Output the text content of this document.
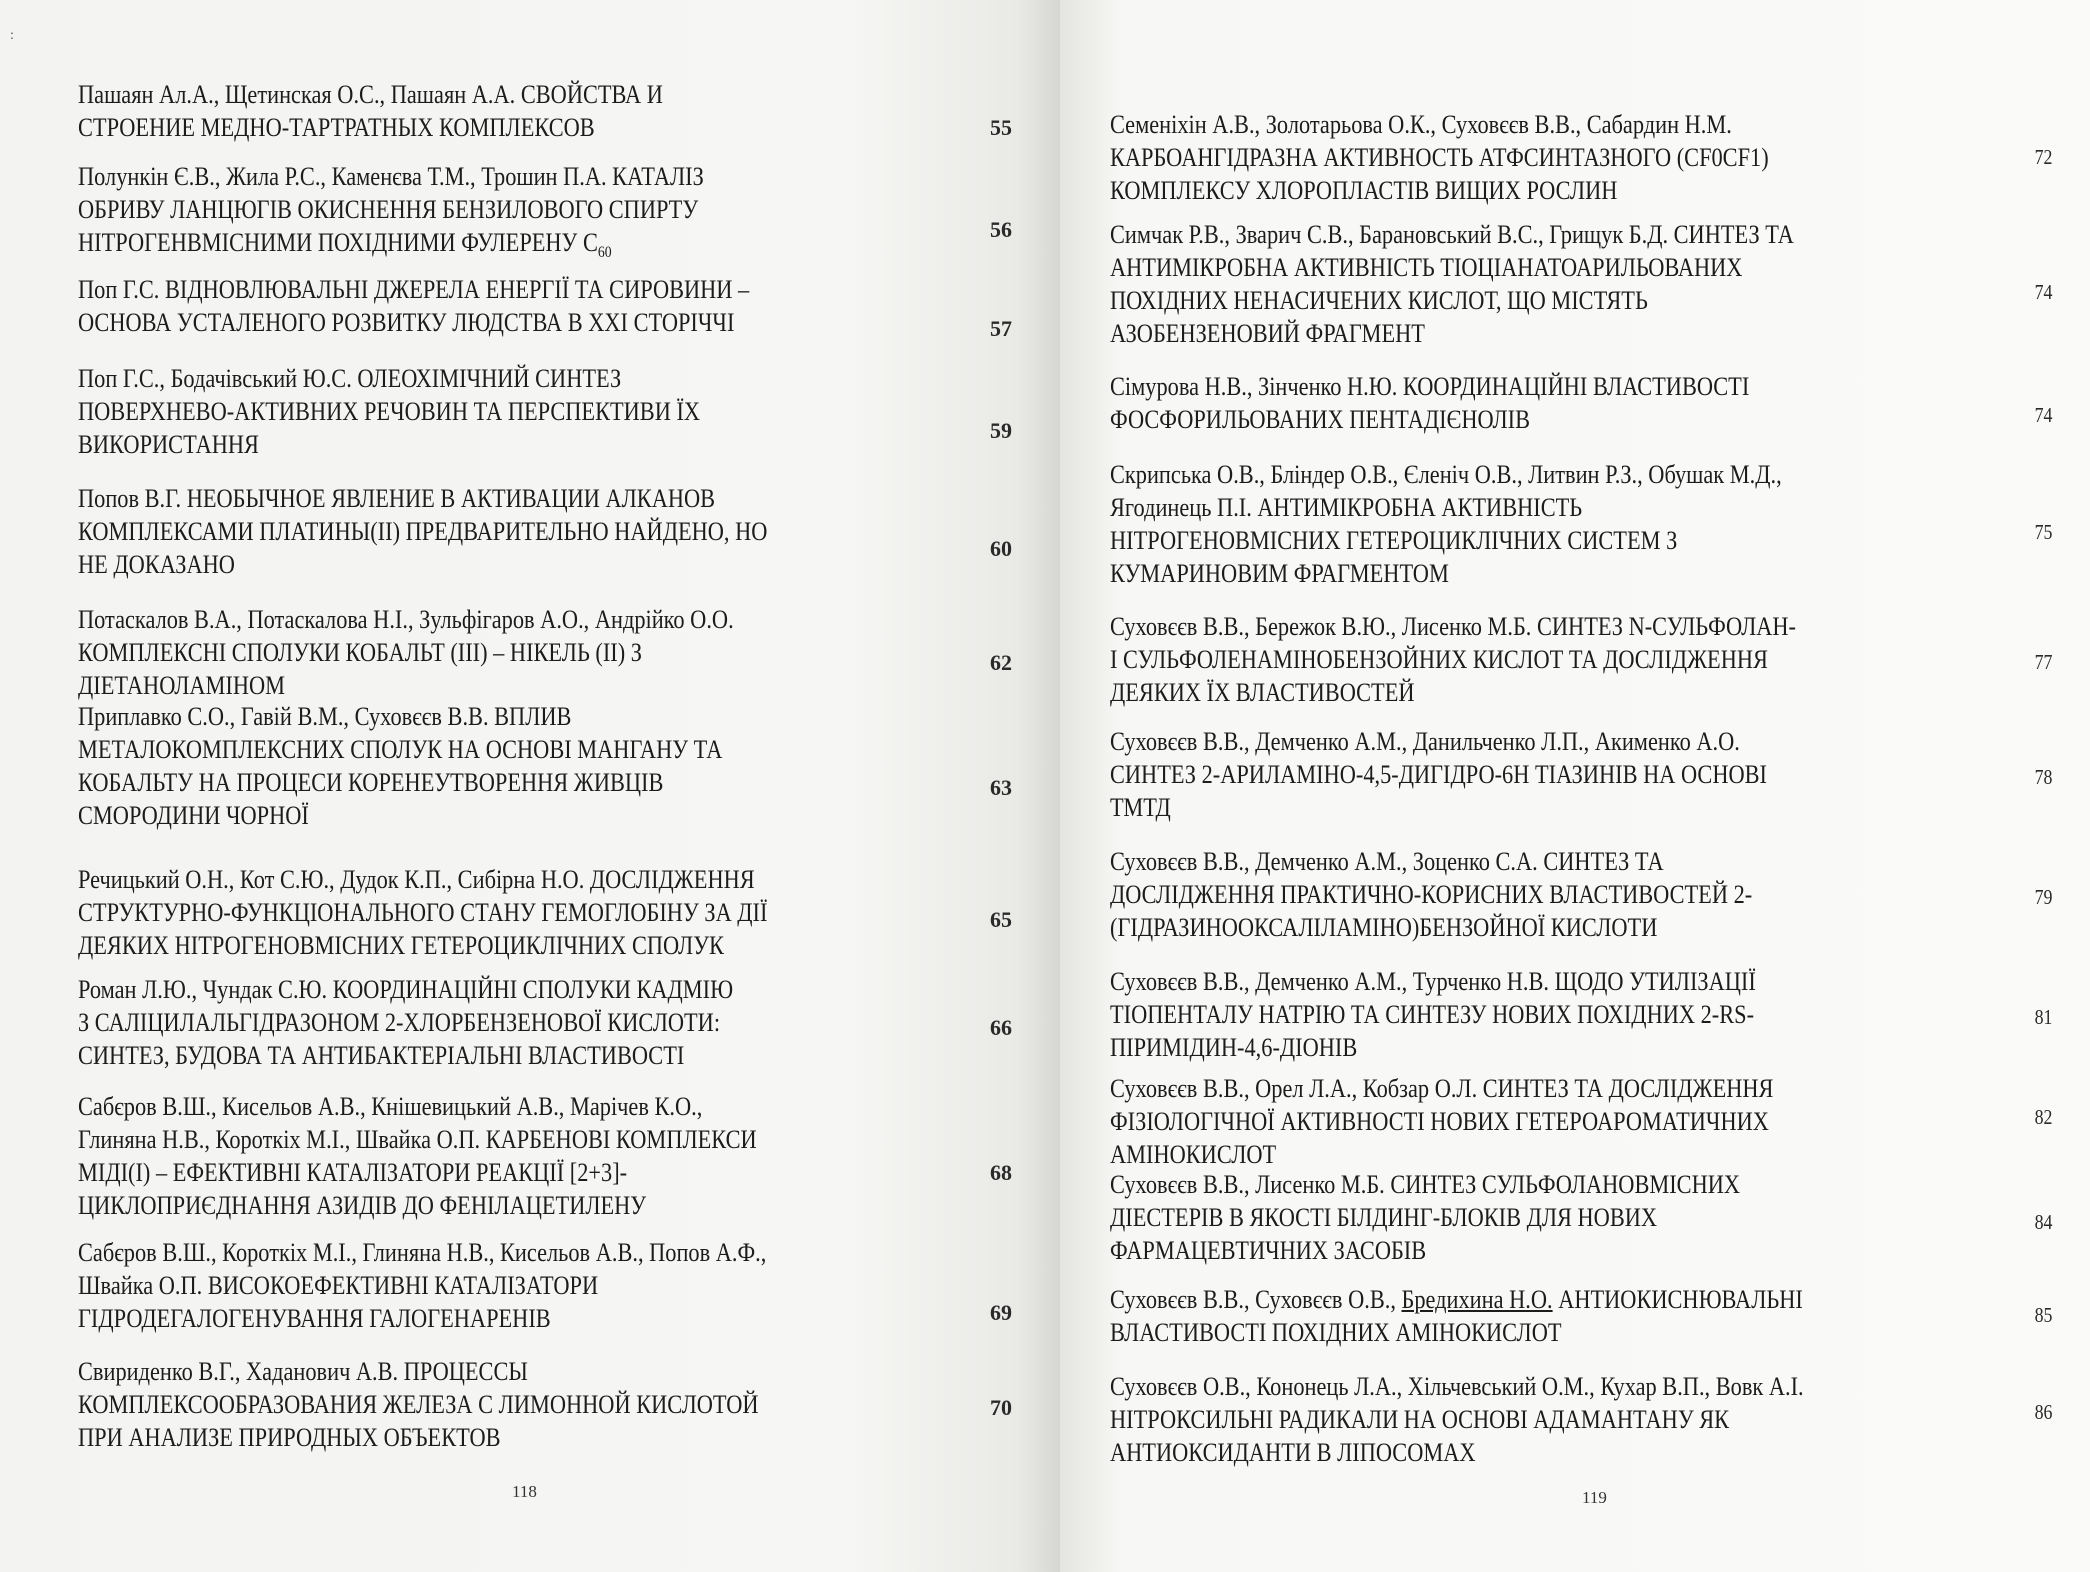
:
Пашаян Ал.А., Щетинская О.С., Пашаян А.А. СВОЙСТВА И
СТРОЕНИЕ МЕДНО-ТАРТРАТНЫХ КОМПЛЕКСОВ	55
Полункін Є.В., Жила Р.С., Каменєва Т.М., Трошин П.А. КАТАЛІЗ
ОБРИВУ ЛАНЦЮГІВ ОКИСНЕННЯ БЕНЗИЛОВОГО СПИРТУ
НІТРОГЕНВМІСНИМИ ПОХІДНИМИ ФУЛЕРЕНУ $С_{60}$
56
Поп Г.С. ВІДНОВЛЮВАЛЬНІ ДЖЕРЕЛА ЕНЕРГІЇ ТА СИРОВИНИ –
ОСНОВА УСТАЛЕНОГО РОЗВИТКУ ЛЮДСТВА В XXI СТОРІЧЧІ	57
Поп Г.С., Бодачівський Ю.С. ОЛЕОХІМІЧНИЙ СИНТЕЗ
ПОВЕРХНЕВО-АКТИВНИХ РЕЧОВИН ТА ПЕРСПЕКТИВИ ЇХ
ВИКОРИСТАННЯ	59
Попов В.Г. НЕОБЫЧНОЕ ЯВЛЕНИЕ В АКТИВАЦИИ АЛКАНОВ
КОМПЛЕКСАМИ ПЛАТИНЫ(II) ПРЕДВАРИТЕЛЬНО НАЙДЕНО, НО
НЕ ДОКАЗАНО
60
Потаскалов В.А., Потаскалова Н.І., Зульфігаров А.О., Андрійко О.О.
КОМПЛЕКСНІ СПОЛУКИ КОБАЛЬТ (III) – НІКЕЛЬ (II) З
ДІЕТАНОЛАМІНОМ
62
Приплавко С.О., Гавій В.М., Суховєєв В.В. ВПЛИВ
МЕТАЛОКОМПЛЕКСНИХ СПОЛУК НА ОСНОВІ МАНГАНУ ТА
КОБАЛЬТУ НА ПРОЦЕСИ КОРЕНЕУТВОРЕННЯ ЖИВЦІВ
СМОРОДИНИ ЧОРНОЇ
63
Речицький О.Н., Кот С.Ю., Дудок К.П., Сибірна Н.О. ДОСЛІДЖЕННЯ
СТРУКТУРНО-ФУНКЦІОНАЛЬНОГО СТАНУ ГЕМОГЛОБІНУ ЗА ДІЇ
ДЕЯКИХ НІТРОГЕНОВМІСНИХ ГЕТЕРОЦИКЛІЧНИХ СПОЛУК
65
Роман Л.Ю., Чундак С.Ю. КООРДИНАЦІЙНІ СПОЛУКИ КАДМІЮ
З САЛІЦИЛАЛЬГІДРАЗОНОМ 2-ХЛОРБЕНЗЕНОВОЇ КИСЛОТИ:
СИНТЕЗ, БУДОВА ТА АНТИБАКТЕРІАЛЬНІ ВЛАСТИВОСТІ
66
Сабєров В.Ш., Кисельов А.В., Кнішевицький А.В., Марічев К.О.,
Глиняна Н.В., Короткіх М.І., Швайка О.П. КАРБЕНОВІ КОМПЛЕКСИ
МІДІ(I) – ЕФЕКТИВНІ КАТАЛІЗАТОРИ РЕАКЦІЇ [2+3]-
ЦИКЛОПРИЄДНАННЯ АЗИДІВ ДО ФЕНІЛАЦЕТИЛЕНУ
68
Сабєров В.Ш., Короткіх М.І., Глиняна Н.В., Кисельов А.В., Попов А.Ф.,
Швайка О.П. ВИСОКОЕФЕКТИВНІ КАТАЛІЗАТОРИ
ГІДРОДЕГАЛОГЕНУВАННЯ ГАЛОГЕНАРЕНІВ	69
Свириденко В.Г., Хаданович А.В. ПРОЦЕССЫ
КОМПЛЕКСООБРАЗОВАНИЯ ЖЕЛЕЗА С ЛИМОННОЙ КИСЛОТОЙ
ПРИ АНАЛИЗЕ ПРИРОДНЫХ ОБЪЕКТОВ
70
118
Семеніхін А.В., Золотарьова О.К., Суховєєв В.В., Сабардин Н.М.
КАРБОАНГІДРАЗНА АКТИВНОСТЬ АТФСИНТАЗНОГО (CF0CF1)
КОМПЛЕКСУ ХЛОРОПЛАСТІВ ВИЩИХ РОСЛИН
72
Симчак Р.В., Зварич С.В., Барановський В.С., Грищук Б.Д. СИНТЕЗ ТА
АНТИМІКРОБНА АКТИВНІСТЬ ТІОЦІАНАТОАРИЛЬОВАНИХ
ПОХІДНИХ НЕНАСИЧЕНИХ КИСЛОТ, ЩО МІСТЯТЬ
АЗОБЕНЗЕНОВИЙ ФРАГМЕНТ
74
Сімурова Н.В., Зінченко Н.Ю. КООРДИНАЦІЙНІ ВЛАСТИВОСТІ
ФОСФОРИЛЬОВАНИХ ПЕНТАДІЄНОЛІВ	74
Скрипська О.В., Бліндер О.В., Єленіч О.В., Литвин Р.З., Обушак М.Д.,
Ягодинець П.І. АНТИМІКРОБНА АКТИВНІСТЬ
НІТРОГЕНОВМІСНИХ ГЕТЕРОЦИКЛІЧНИХ СИСТЕМ З
КУМАРИНОВИМ ФРАГМЕНТОМ
75
Суховєєв В.В., Бережок В.Ю., Лисенко М.Б. СИНТЕЗ N-СУЛЬФОЛАН-
І СУЛЬФОЛЕНАМІНОБЕНЗОЙНИХ КИСЛОТ ТА ДОСЛІДЖЕННЯ
ДЕЯКИХ ЇХ ВЛАСТИВОСТЕЙ
77
Суховєєв В.В., Демченко А.М., Данильченко Л.П., Акименко А.О.
СИНТЕЗ 2-АРИЛАМІНО-4,5-ДИГІДРО-6Н ТІАЗИНІВ НА ОСНОВІ
ТМТД
78
Суховєєв В.В., Демченко А.М., Зоценко С.А. СИНТЕЗ ТА
ДОСЛІДЖЕННЯ ПРАКТИЧНО-КОРИСНИХ ВЛАСТИВОСТЕЙ 2-
(ГІДРАЗИНООКСАЛІЛАМІНО)БЕНЗОЙНОЇ КИСЛОТИ
79
Суховєєв В.В., Демченко А.М., Турченко Н.В. ЩОДО УТИЛІЗАЦІЇ
ТІОПЕНТАЛУ НАТРІЮ ТА СИНТЕЗУ НОВИХ ПОХІДНИХ 2-RS-
ПІРИМІДИН-4,6-ДІОНІВ
81
Суховєєв В.В., Орел Л.А., Кобзар О.Л. СИНТЕЗ ТА ДОСЛІДЖЕННЯ
ФІЗІОЛОГІЧНОЇ АКТИВНОСТІ НОВИХ ГЕТЕРОАРОМАТИЧНИХ
АМІНОКИСЛОТ
82
Суховєєв В.В., Лисенко М.Б. СИНТЕЗ СУЛЬФОЛАНОВМІСНИХ
ДІЕСТЕРІВ В ЯКОСТІ БІЛДИНГ-БЛОКІВ ДЛЯ НОВИХ
ФАРМАЦЕВТИЧНИХ ЗАСОБІВ
84
Суховєєв В.В., Суховєєв О.В., Бредихина Н.О. АНТИОКИСНЮВАЛЬНІ
ВЛАСТИВОСТІ ПОХІДНИХ АМІНОКИСЛОТ
85
Суховєєв О.В., Кононець Л.А., Хільчевський О.М., Кухар В.П., Вовк А.І.
НІТРОКСИЛЬНІ РАДИКАЛИ НА ОСНОВІ АДАМАНТАНУ ЯК
АНТИОКСИДАНТИ В ЛІПОСОМАХ
86
119
